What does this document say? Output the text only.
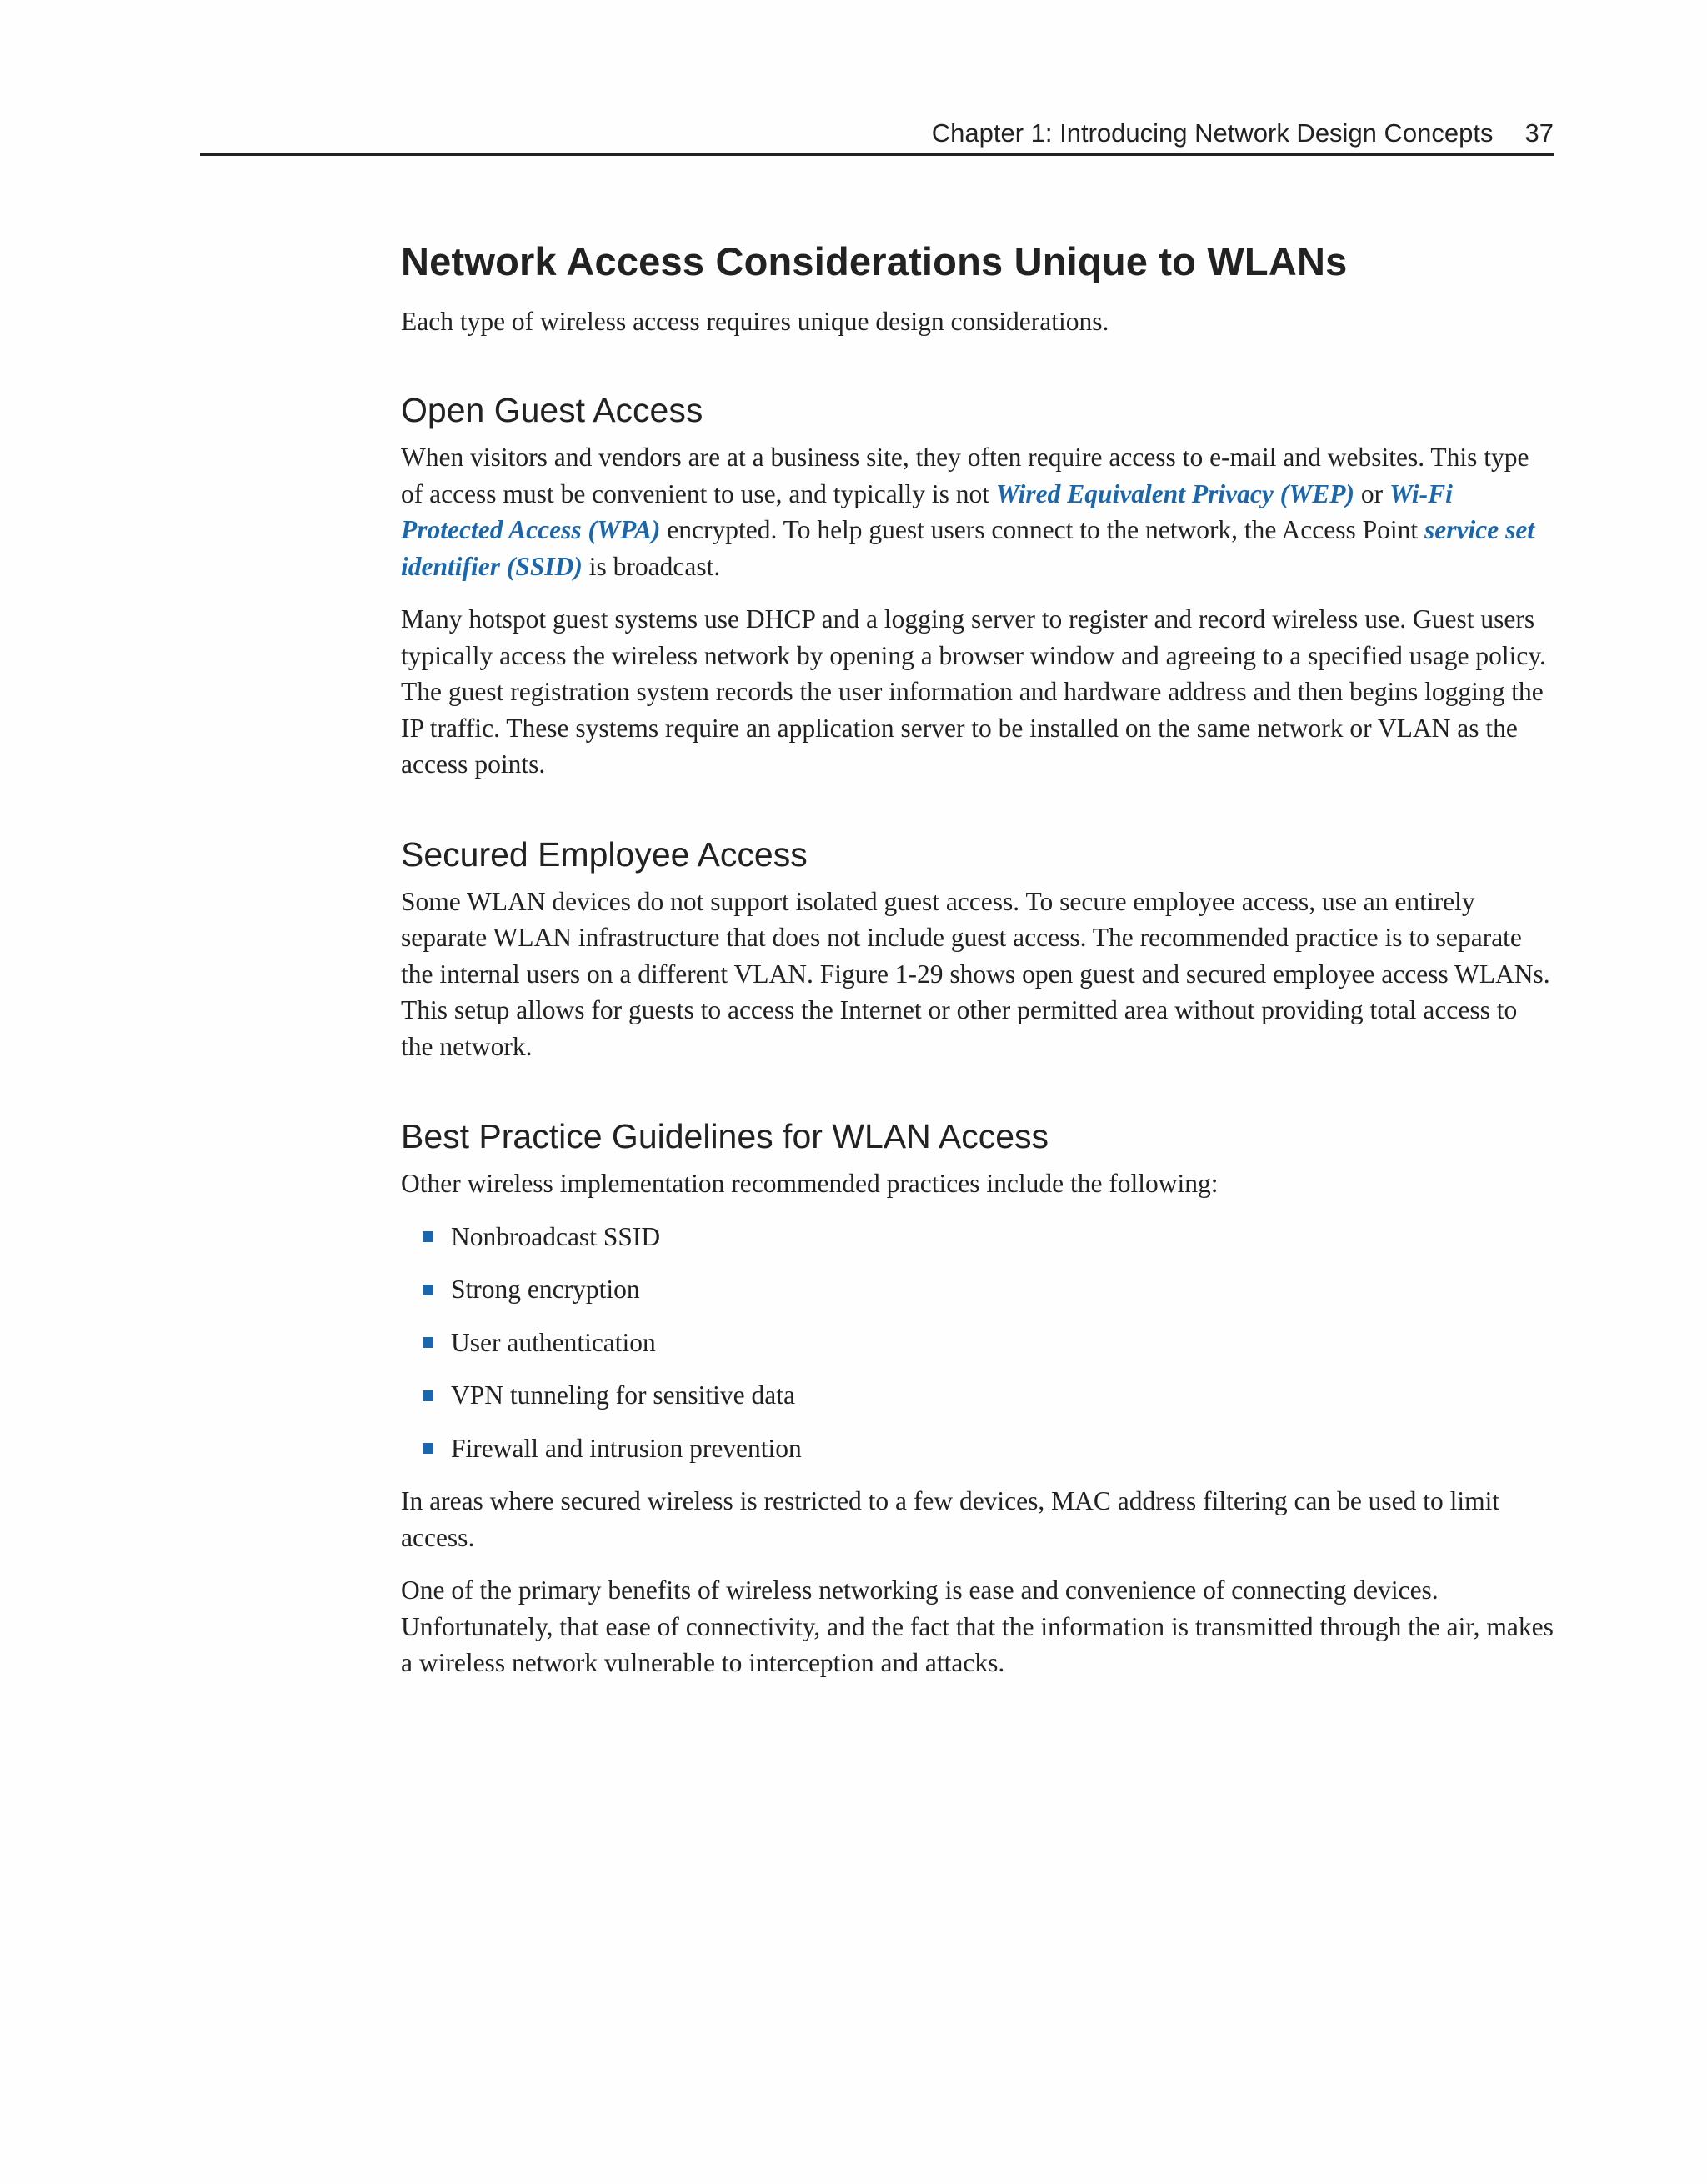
Chapter 1: Introducing Network Design Concepts 37
Network Access Considerations Unique to WLANs

Each type of wireless access requires unique design considerations.

Open Guest Access

When visitors and vendors are at a business site, they often require access to e-mail and websites. This type of access must be convenient to use, and typically is not Wired Equivalent Privacy (WEP) or Wi-Fi Protected Access (WPA) encrypted. To help guest users connect to the network, the Access Point service set identifier (SSID) is broadcast.

Many hotspot guest systems use DHCP and a logging server to register and record wireless use. Guest users typically access the wireless network by opening a browser window and agreeing to a specified usage policy. The guest registration system records the user information and hardware address and then begins logging the IP traffic. These systems require an application server to be installed on the same network or VLAN as the access points.

Secured Employee Access

Some WLAN devices do not support isolated guest access. To secure employee access, use an entirely separate WLAN infrastructure that does not include guest access. The recommended practice is to separate the internal users on a different VLAN. Figure 1-29 shows open guest and secured employee access WLANs. This setup allows for guests to access the Internet or other permitted area without providing total access to the network.

Best Practice Guidelines for WLAN Access

Other wireless implementation recommended practices include the following:

Nonbroadcast SSID
Strong encryption
User authentication
VPN tunneling for sensitive data
Firewall and intrusion prevention

In areas where secured wireless is restricted to a few devices, MAC address filtering can be used to limit access.

One of the primary benefits of wireless networking is ease and convenience of connecting devices. Unfortunately, that ease of connectivity, and the fact that the information is transmitted through the air, makes a wireless network vulnerable to interception and attacks.
